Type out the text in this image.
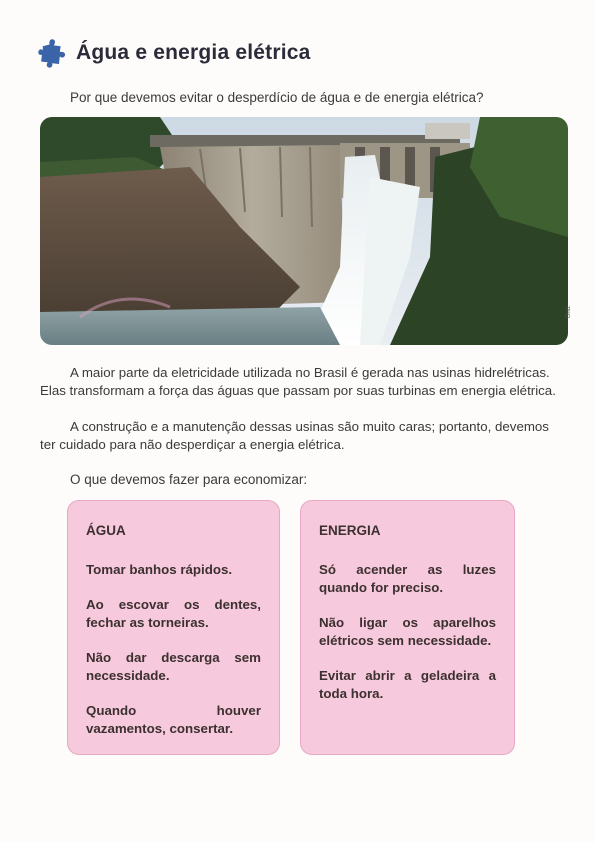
Água e energia elétrica

Por que devemos evitar o desperdício de água e de energia elétrica?

Dnd.

A maior parte da eletricidade utilizada no Brasil é gerada nas usinas hidrelétricas. Elas transformam a força das águas que passam por suas turbinas em energia elétrica.

A construção e a manutenção dessas usinas são muito caras; portanto, devemos ter cuidado para não desperdiçar a energia elétrica.

O que devemos fazer para economizar:

ÁGUA

Tomar banhos rápidos.

Ao escovar os dentes, fechar as torneiras.

Não dar descarga sem necessidade.

Quando houver vazamentos, consertar.

ENERGIA

Só acender as luzes quando for preciso.

Não ligar os aparelhos elétricos sem necessidade.

Evitar abrir a geladeira a toda hora.
